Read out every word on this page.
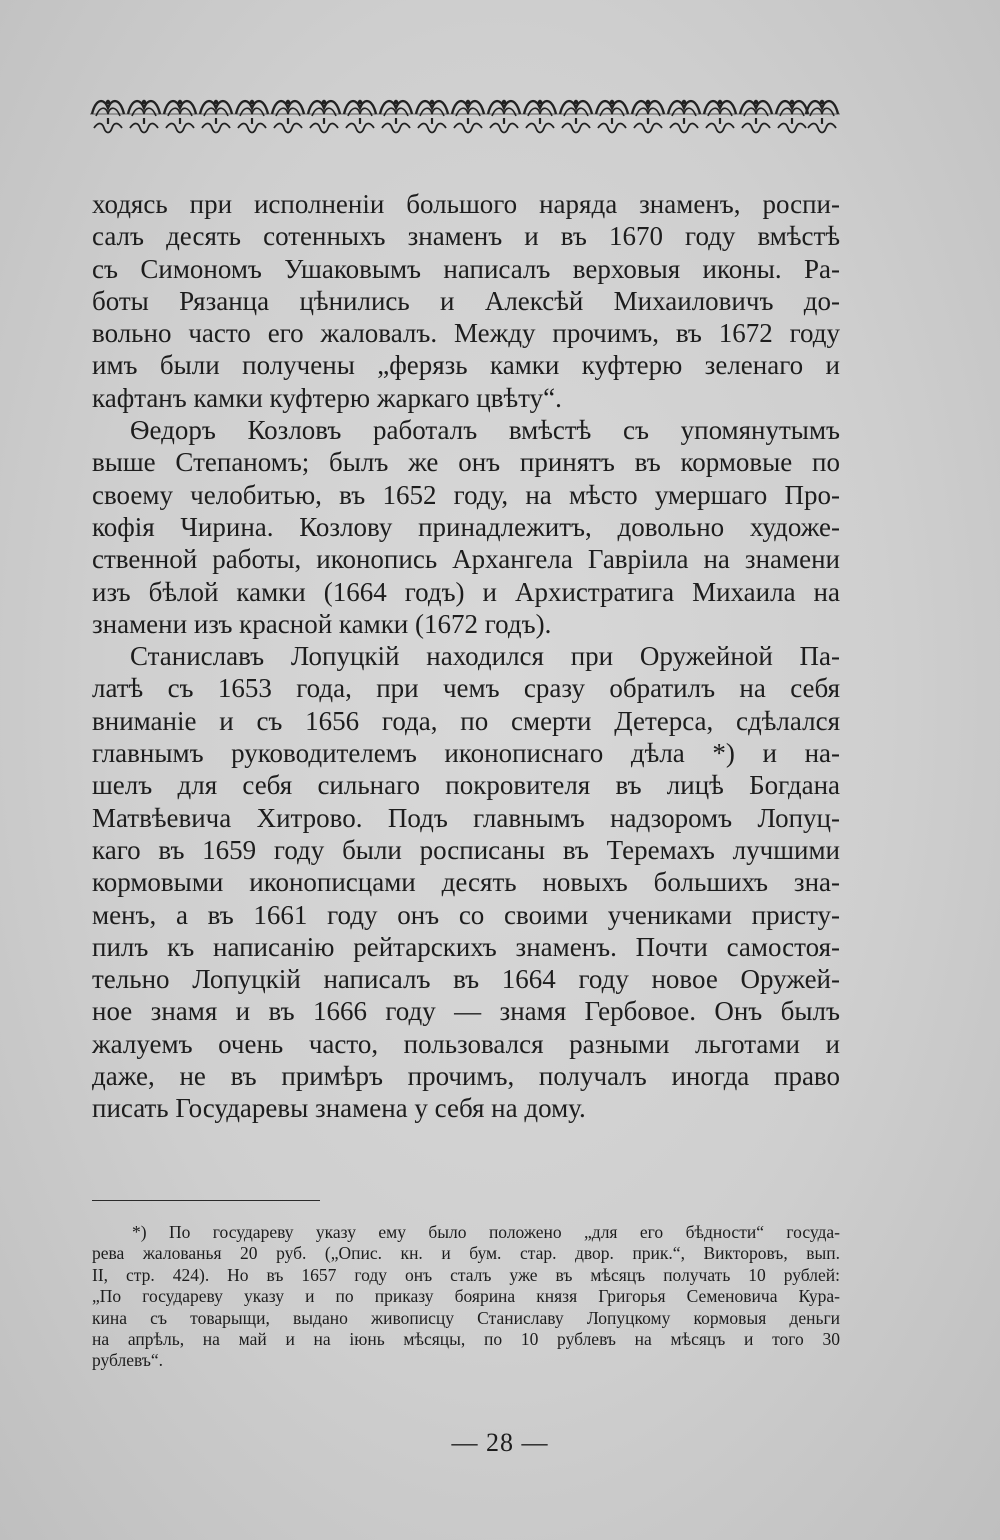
ходясь при исполненіи большого наряда знаменъ, роспи-
салъ десять сотенныхъ знаменъ и въ 1670 году вмѣстѣ
съ Симономъ Ушаковымъ написалъ верховыя иконы. Ра-
боты Рязанца цѣнились и Алексѣй Михаиловичъ до-
вольно часто его жаловалъ. Между прочимъ, въ 1672 году
имъ были получены „ферязь камки куфтерю зеленаго и
кафтанъ камки куфтерю жаркаго цвѣту“.
Ѳедоръ Козловъ работалъ вмѣстѣ съ упомянутымъ
выше Степаномъ; былъ же онъ принятъ въ кормовые по
своему челобитью, въ 1652 году, на мѣсто умершаго Про-
кофія Чирина. Козлову принадлежитъ, довольно художе-
ственной работы, иконопись Архангела Гавріила на знамени
изъ бѣлой камки (1664 годъ) и Архистратига Михаила на
знамени изъ красной камки (1672 годъ).
Станиславъ Лопуцкій находился при Оружейной Па-
латѣ съ 1653 года, при чемъ сразу обратилъ на себя
вниманіе и съ 1656 года, по смерти Детерса, сдѣлался
главнымъ руководителемъ иконописнаго дѣла *) и на-
шелъ для себя сильнаго покровителя въ лицѣ Богдана
Матвѣевича Хитрово. Подъ главнымъ надзоромъ Лопуц-
каго въ 1659 году были росписаны въ Теремахъ лучшими
кормовыми иконописцами десять новыхъ большихъ зна-
менъ, а въ 1661 году онъ со своими учениками присту-
пилъ къ написанію рейтарскихъ знаменъ. Почти самостоя-
тельно Лопуцкій написалъ въ 1664 году новое Оружей-
ное знамя и въ 1666 году — знамя Гербовое. Онъ былъ
жалуемъ очень часто, пользовался разными льготами и
даже, не въ примѣръ прочимъ, получалъ иногда право
писать Государевы знамена у себя на дому.
*) По государеву указу ему было положено „для его бѣдности“ госуда-
рева жалованья 20 руб. („Опис. кн. и бум. стар. двор. прик.“, Викторовъ, вып.
II, стр. 424). Но въ 1657 году онъ сталъ уже въ мѣсяцъ получать 10 рублей:
„По государеву указу и по приказу боярина князя Григорья Семеновича Кура-
кина съ товарыщи, выдано живописцу Станиславу Лопуцкому кормовыя деньги
на апрѣль, на май и на іюнь мѣсяцы, по 10 рублевъ на мѣсяцъ и того 30
рублевъ“.
— 28 —
